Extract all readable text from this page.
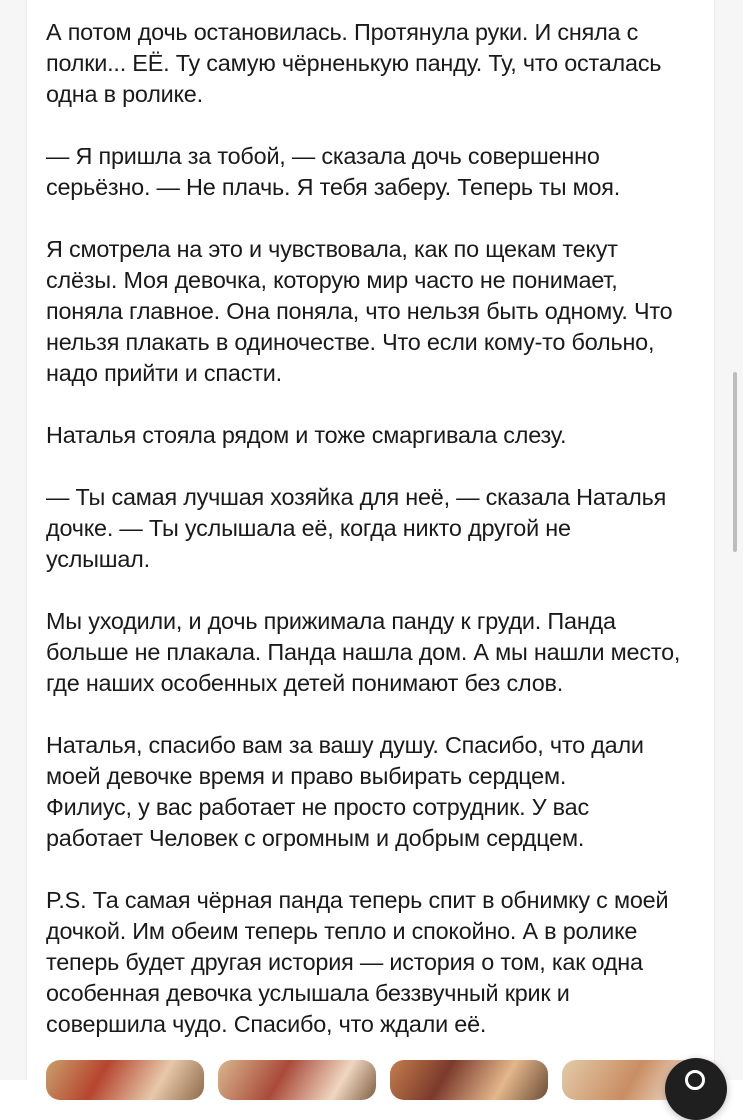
А потом дочь остановилась. Протянула руки. И сняла с
полки... ЕЁ. Ту самую чёрненькую панду. Ту, что осталась
одна в ролике.

— Я пришла за тобой, — сказала дочь совершенно
серьёзно. — Не плачь. Я тебя заберу. Теперь ты моя.

Я смотрела на это и чувствовала, как по щекам текут
слёзы. Моя девочка, которую мир часто не понимает,
поняла главное. Она поняла, что нельзя быть одному. Что
нельзя плакать в одиночестве. Что если кому-то больно,
надо прийти и спасти.

Наталья стояла рядом и тоже смаргивала слезу.

— Ты самая лучшая хозяйка для неё, — сказала Наталья
дочке. — Ты услышала её, когда никто другой не
услышал.

Мы уходили, и дочь прижимала панду к груди. Панда
больше не плакала. Панда нашла дом. А мы нашли место,
где наших особенных детей понимают без слов.

Наталья, спасибо вам за вашу душу. Спасибо, что дали
моей девочке время и право выбирать сердцем.
Филиус, у вас работает не просто сотрудник. У вас
работает Человек с огромным и добрым сердцем.

P.S. Та самая чёрная панда теперь спит в обнимку с моей
дочкой. Им обеим теперь тепло и спокойно. А в ролике
теперь будет другая история — история о том, как одна
особенная девочка услышала беззвучный крик и
совершила чудо. Спасибо, что ждали её.
